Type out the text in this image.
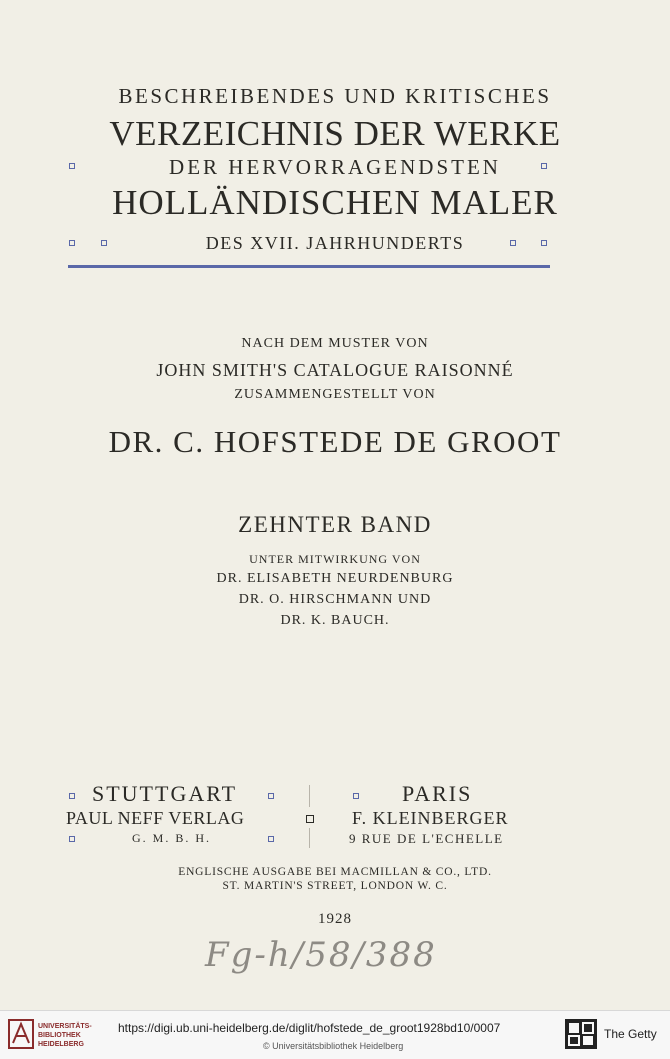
BESCHREIBENDES UND KRITISCHES
VERZEICHNIS DER WERKE
DER HERVORRAGENDSTEN
HOLLÄNDISCHEN MALER
DES XVII. JAHRHUNDERTS
NACH DEM MUSTER VON
JOHN SMITH'S CATALOGUE RAISONNÉ
ZUSAMMENGESTELLT VON
DR. C. HOFSTEDE DE GROOT
ZEHNTER BAND
UNTER MITWIRKUNG VON
DR. ELISABETH NEURDENBURG
DR. O. HIRSCHMANN UND
DR. K. BAUCH.
STUTTGART
PAUL NEFF VERLAG
G. M. B. H.
PARIS
F. KLEINBERGER
9 RUE DE L'ECHELLE
ENGLISCHE AUSGABE BEI MACMILLAN & CO., LTD.
ST. MARTIN'S STREET, LONDON W. C.
1928
Fg-h/58/388
UNIVERSITÄTS-
BIBLIOTHEK
HEIDELBERG
https://digi.ub.uni-heidelberg.de/diglit/hofstede_de_groot1928bd10/0007
© Universitätsbibliothek Heidelberg
The Getty
